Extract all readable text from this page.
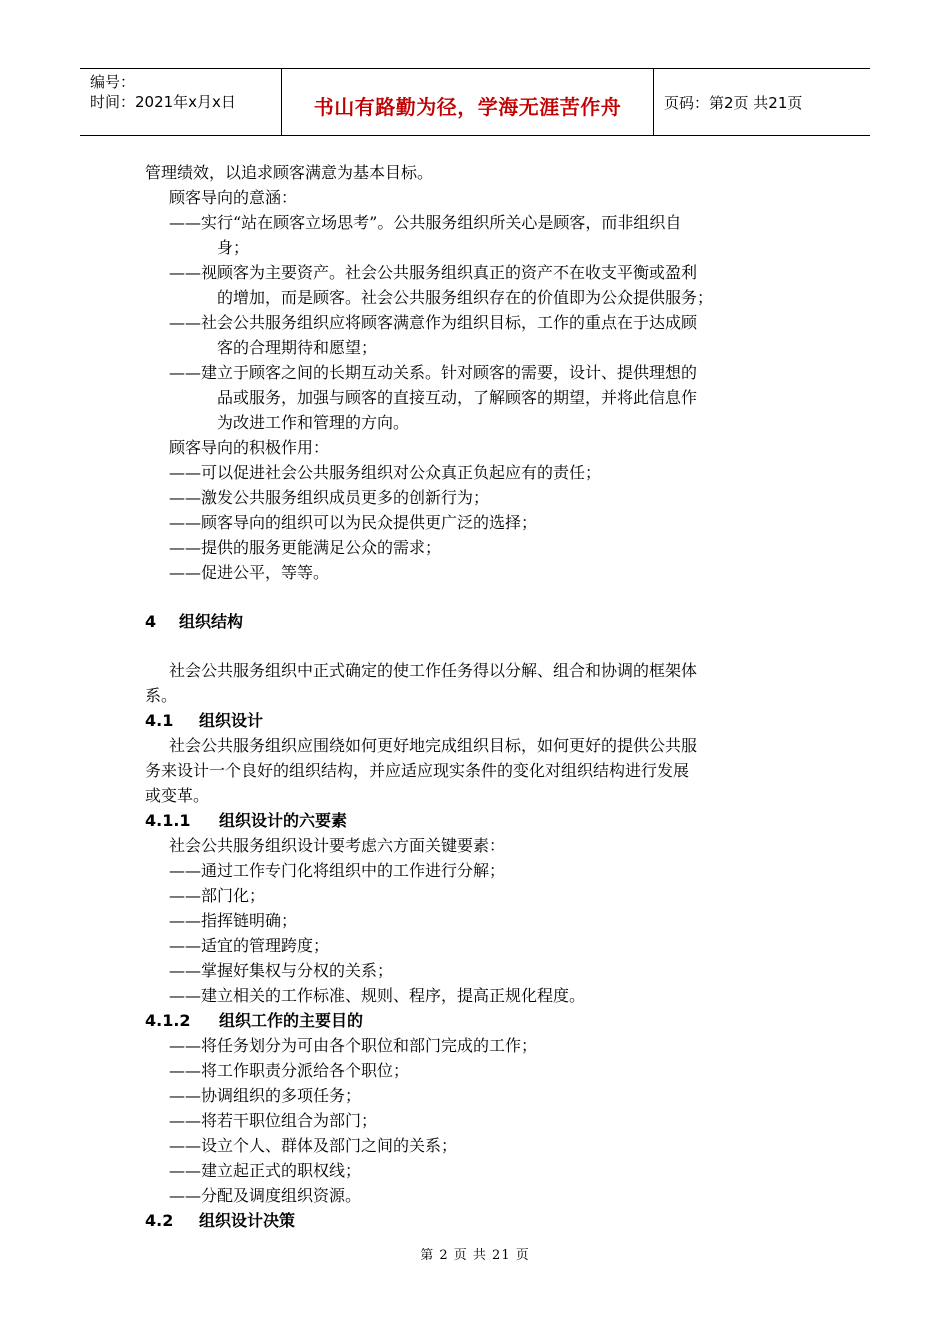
编号：
时间：2021年x月x日	书山有路勤为径，学海无涯苦作舟	页码：第2页 共21页
管理绩效，以追求顾客满意为基本目标。
顾客导向的意涵：
——实行“站在顾客立场思考”。公共服务组织所关心是顾客，而非组织自
身；
——视顾客为主要资产。社会公共服务组织真正的资产不在收支平衡或盈利
的增加，而是顾客。社会公共服务组织存在的价值即为公众提供服务；
——社会公共服务组织应将顾客满意作为组织目标，工作的重点在于达成顾
客的合理期待和愿望；
——建立于顾客之间的长期互动关系。针对顾客的需要，设计、提供理想的
品或服务，加强与顾客的直接互动，了解顾客的期望，并将此信息作
为改进工作和管理的方向。
顾客导向的积极作用：
——可以促进社会公共服务组织对公众真正负起应有的责任；
——激发公共服务组织成员更多的创新行为；
——顾客导向的组织可以为民众提供更广泛的选择；
——提供的服务更能满足公众的需求；
——促进公平，等等。
4 组织结构
社会公共服务组织中正式确定的使工作任务得以分解、组合和协调的框架体
系。
4.1 组织设计
社会公共服务组织应围绕如何更好地完成组织目标，如何更好的提供公共服
务来设计一个良好的组织结构，并应适应现实条件的变化对组织结构进行发展
或变革。
4.1.1 组织设计的六要素
社会公共服务组织设计要考虑六方面关键要素：
——通过工作专门化将组织中的工作进行分解；
——部门化；
——指挥链明确；
——适宜的管理跨度；
——掌握好集权与分权的关系；
——建立相关的工作标准、规则、程序，提高正规化程度。
4.1.2 组织工作的主要目的
——将任务划分为可由各个职位和部门完成的工作；
——将工作职责分派给各个职位；
——协调组织的多项任务；
——将若干职位组合为部门；
——设立个人、群体及部门之间的关系；
——建立起正式的职权线；
——分配及调度组织资源。
4.2 组织设计决策
第 2 页 共 21 页
